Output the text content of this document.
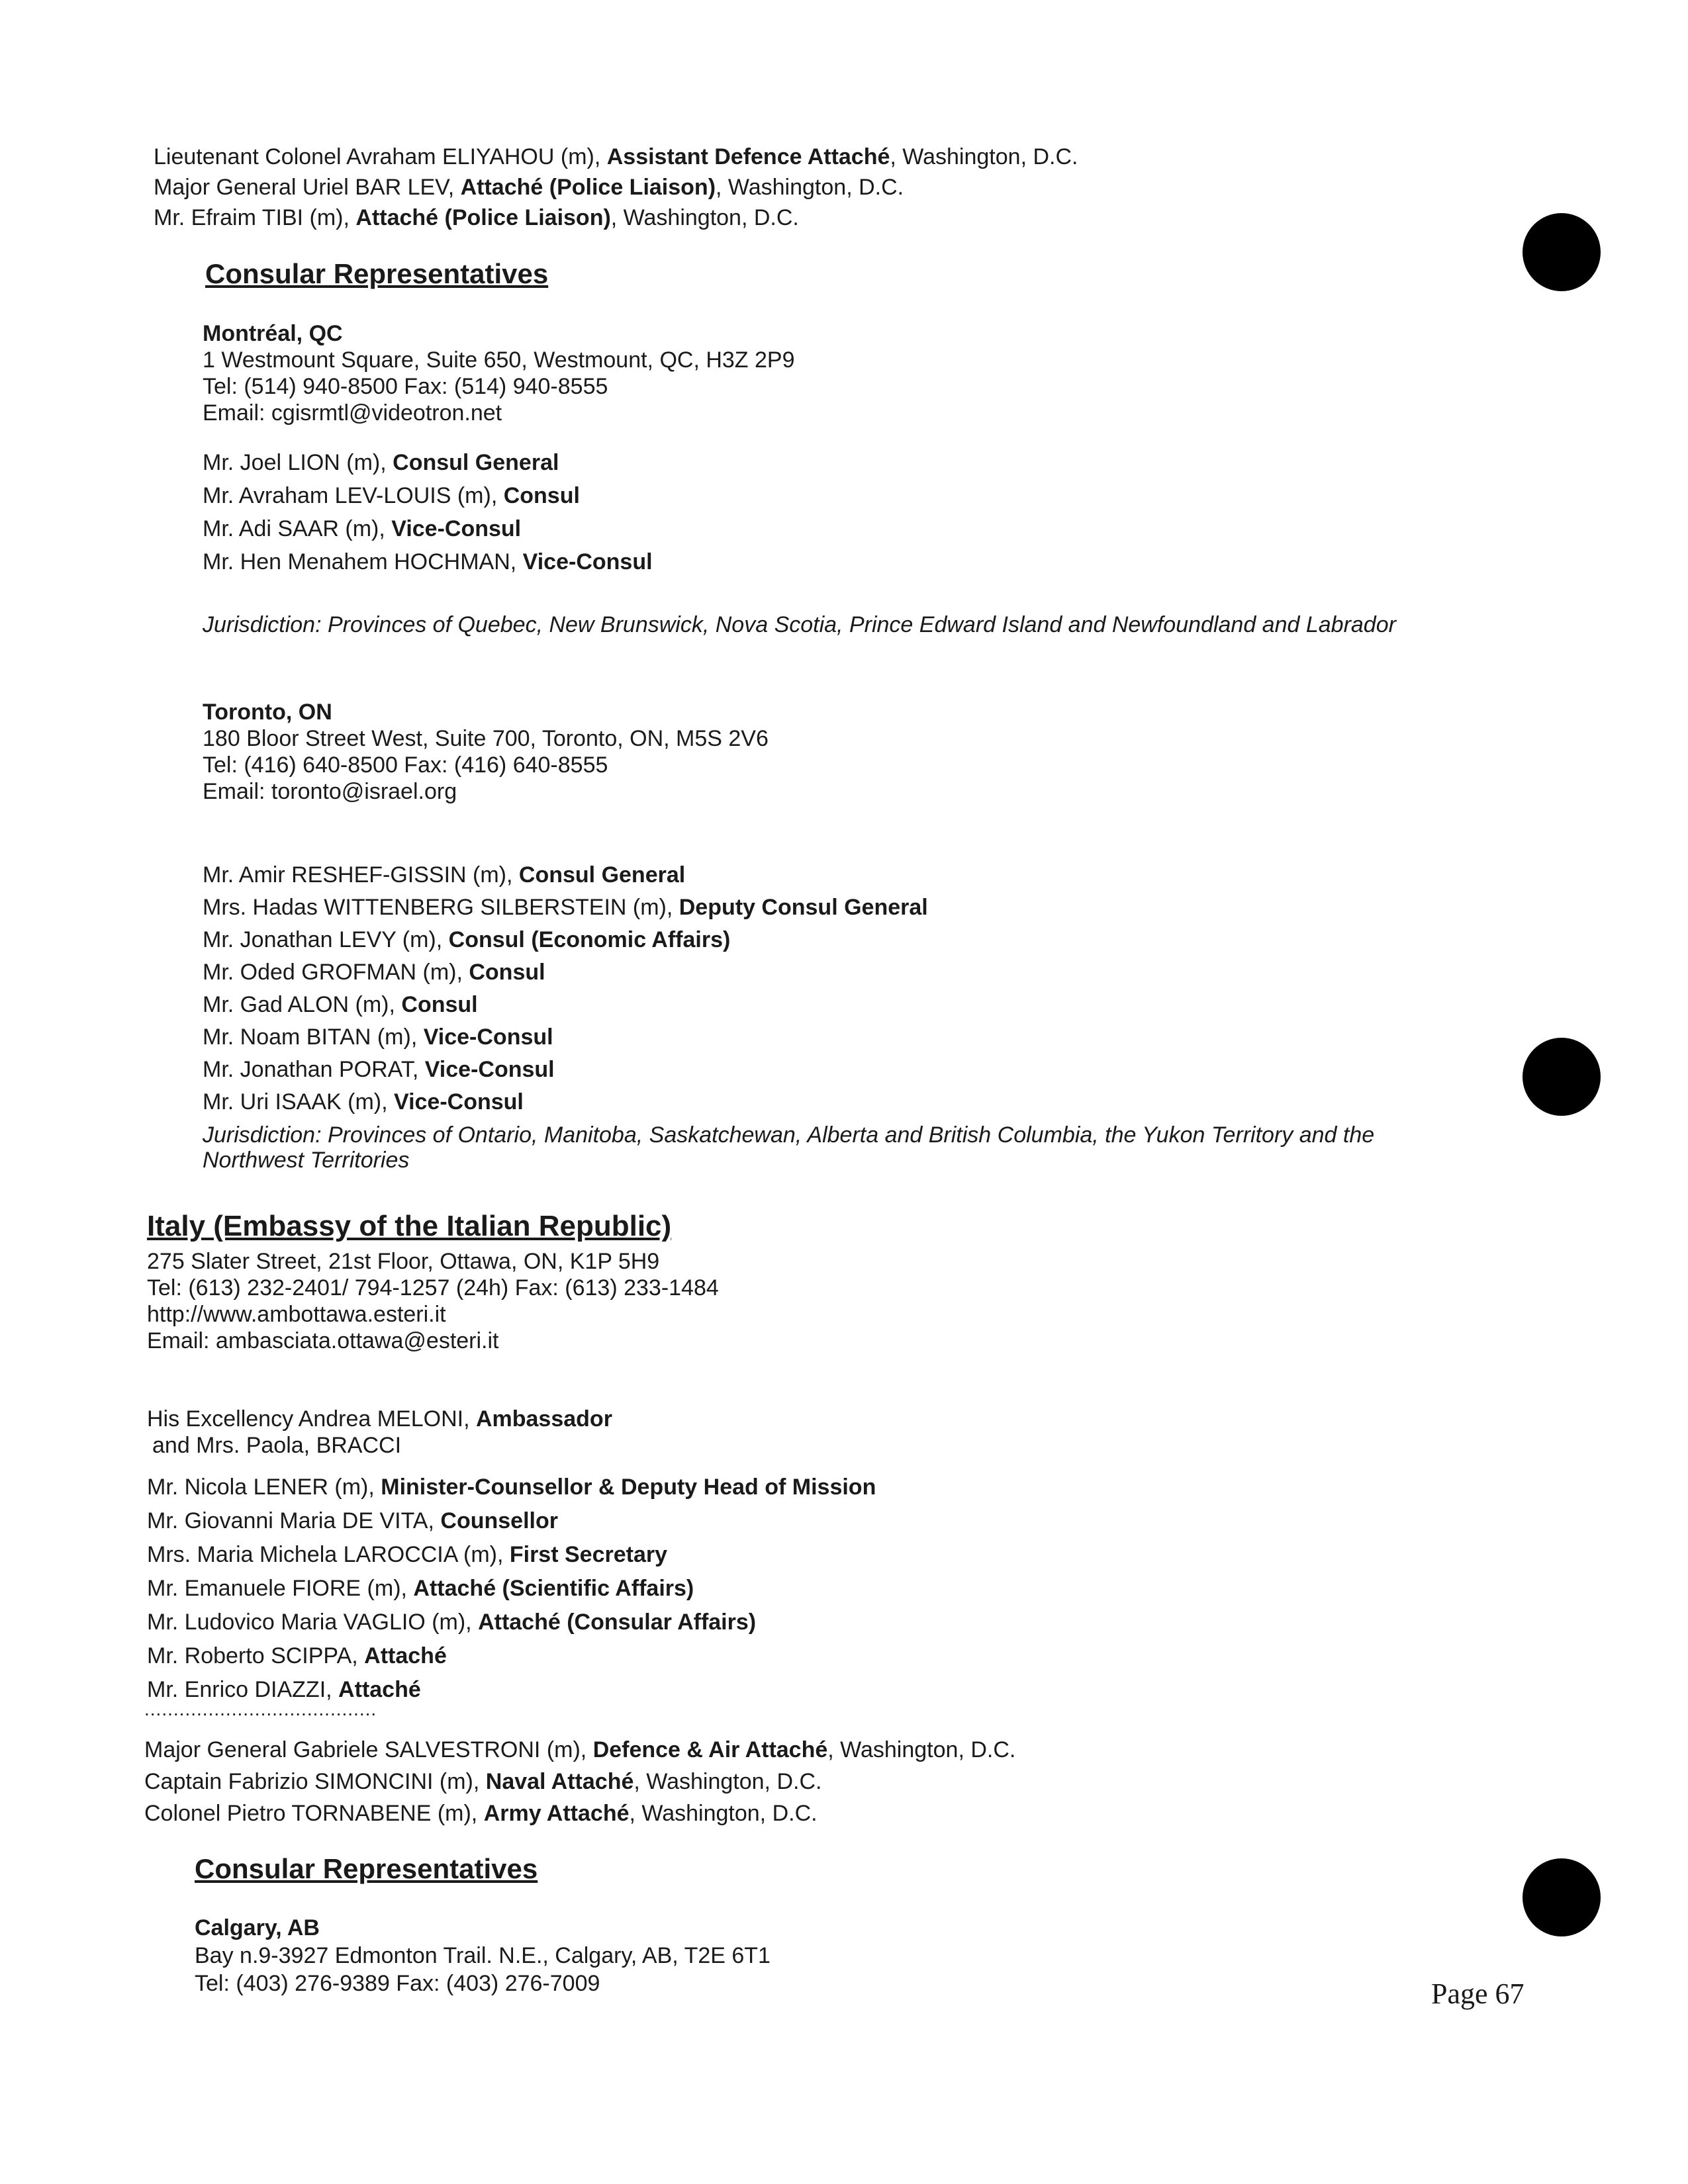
Lieutenant Colonel Avraham ELIYAHOU (m), Assistant Defence Attaché, Washington, D.C.
Major General Uriel BAR LEV, Attaché (Police Liaison), Washington, D.C.
Mr. Efraim TIBI (m), Attaché (Police Liaison), Washington, D.C.
Consular Representatives
Montréal, QC
1 Westmount Square, Suite 650, Westmount, QC, H3Z 2P9
Tel: (514) 940-8500 Fax: (514) 940-8555
Email: cgisrmtl@videotron.net
Mr. Joel LION (m), Consul General
Mr. Avraham LEV-LOUIS (m), Consul
Mr. Adi SAAR (m), Vice-Consul
Mr. Hen Menahem HOCHMAN, Vice-Consul
Jurisdiction: Provinces of Quebec, New Brunswick, Nova Scotia, Prince Edward Island and Newfoundland and Labrador
Toronto, ON
180 Bloor Street West, Suite 700, Toronto, ON, M5S 2V6
Tel: (416) 640-8500 Fax: (416) 640-8555
Email: toronto@israel.org
Mr. Amir RESHEF-GISSIN (m), Consul General
Mrs. Hadas WITTENBERG SILBERSTEIN (m), Deputy Consul General
Mr. Jonathan LEVY (m), Consul (Economic Affairs)
Mr. Oded GROFMAN (m), Consul
Mr. Gad ALON (m), Consul
Mr. Noam BITAN (m), Vice-Consul
Mr. Jonathan PORAT, Vice-Consul
Mr. Uri ISAAK (m), Vice-Consul
Jurisdiction: Provinces of Ontario, Manitoba, Saskatchewan, Alberta and British Columbia, the Yukon Territory and the
Northwest Territories
Italy (Embassy of the Italian Republic)
275 Slater Street, 21st Floor, Ottawa, ON, K1P 5H9
Tel: (613) 232-2401/ 794-1257 (24h) Fax: (613) 233-1484
http://www.ambottawa.esteri.it
Email: ambasciata.ottawa@esteri.it
His Excellency Andrea MELONI, Ambassador
and Mrs. Paola, BRACCI
Mr. Nicola LENER (m), Minister-Counsellor & Deputy Head of Mission
Mr. Giovanni Maria DE VITA, Counsellor
Mrs. Maria Michela LAROCCIA (m), First Secretary
Mr. Emanuele FIORE (m), Attaché (Scientific Affairs)
Mr. Ludovico Maria VAGLIO (m), Attaché (Consular Affairs)
Mr. Roberto SCIPPA, Attaché
Mr. Enrico DIAZZI, Attaché
........................................
Major General Gabriele SALVESTRONI (m), Defence & Air Attaché, Washington, D.C.
Captain Fabrizio SIMONCINI (m), Naval Attaché, Washington, D.C.
Colonel Pietro TORNABENE (m), Army Attaché, Washington, D.C.
Consular Representatives
Calgary, AB
Bay n.9-3927 Edmonton Trail. N.E., Calgary, AB, T2E 6T1
Tel: (403) 276-9389 Fax: (403) 276-7009	Page 67
